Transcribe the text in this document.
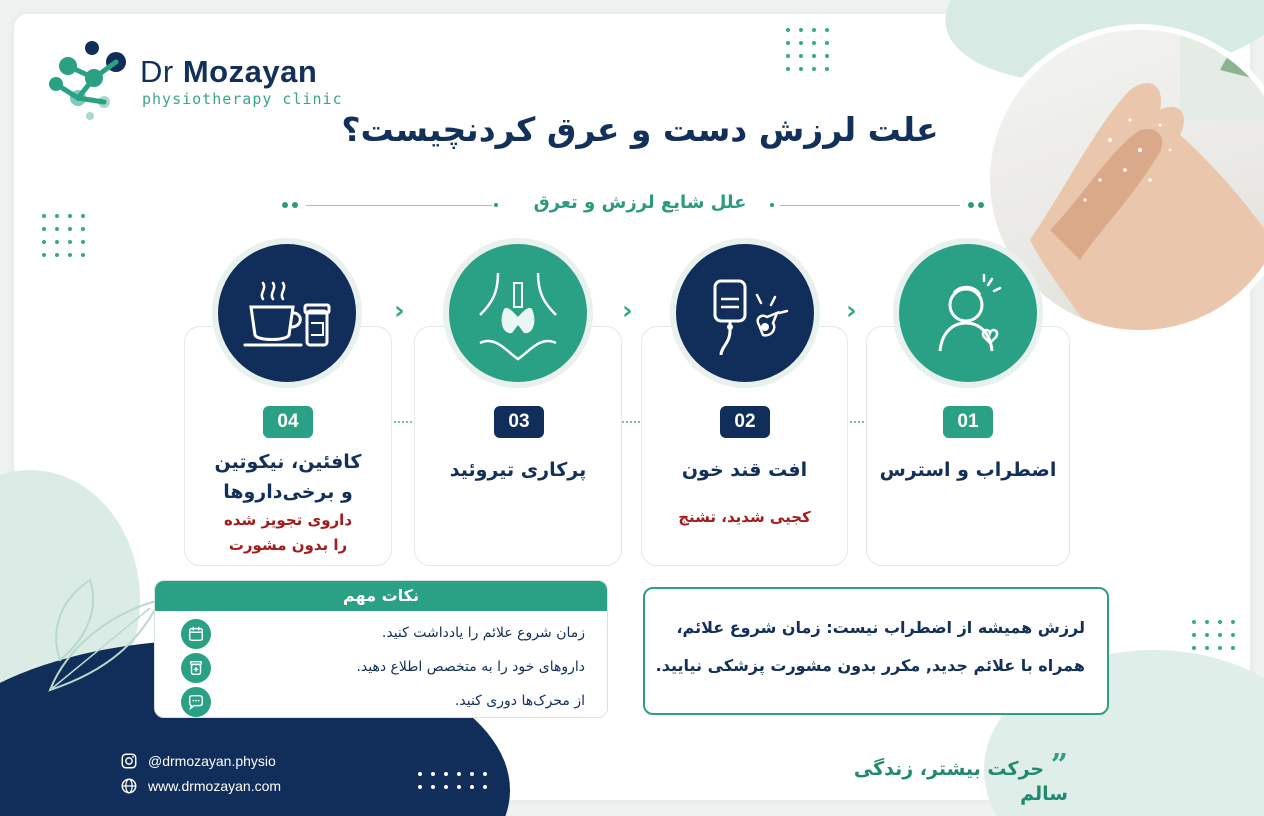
Dr Mozayan
physiotherapy clinic
علت لرزش دست و عرق کردنچیست؟
علل شایع لرزش و تعرق
›
›
›
01
02
03
04
اضطراب و استرس
افت قند خون
کجیی شدید، تشنج
پرکاری تیروئید
کافئین، نیکوتین
و برخی‌داروها
داروی تجویز شده
را بدون مشورت
نکات مهم
زمان شروع علائم را یادداشت کنید.
داروهای خود را به متخصص اطلاع دهید.
از محرک‌ها دوری کنید.
لرزش همیشه از اضطراب نیست: زمان شروع علائم،
همراه با علائم جدید, مکرر بدون مشورت پزشکی نیایید.
” حرکت بیشتر، زندگی سالم
@drmozayan.physio
www.drmozayan.com
